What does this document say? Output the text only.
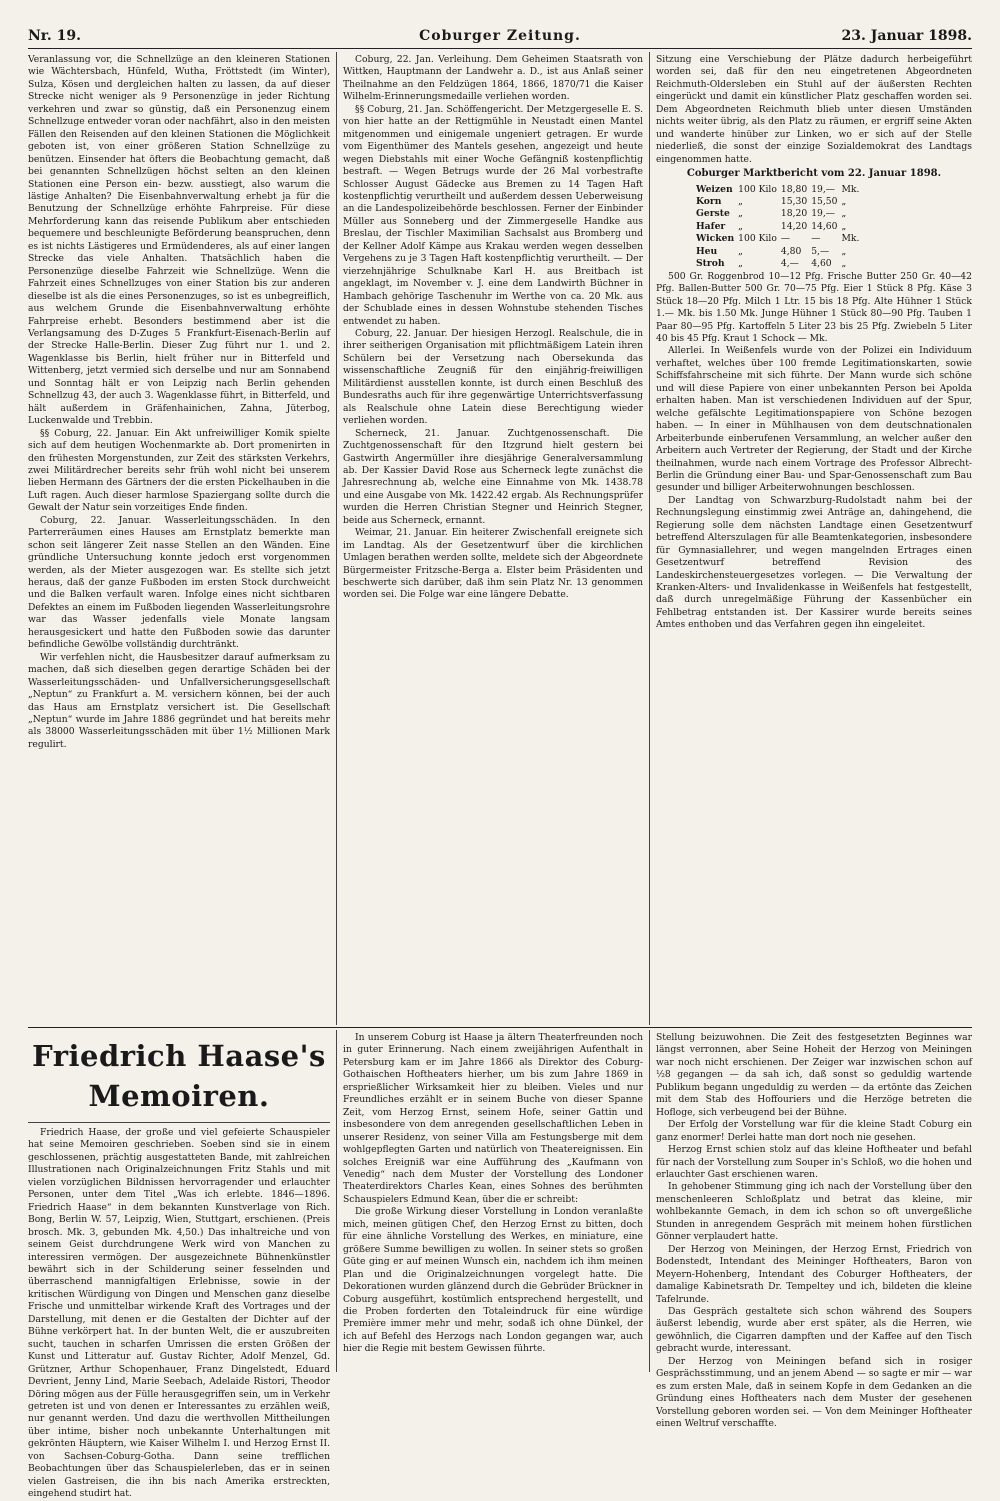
Nr. 19.	Coburger Zeitung.	23. Januar 1898.

Veranlassung vor, die Schnellzüge an den kleineren Stationen wie Wächtersbach, Hünfeld, Wutha, Fröttstedt (im Winter), Sulza, Kösen und dergleichen halten zu lassen, da auf dieser Strecke nicht weniger als 9 Personenzüge in jeder Richtung verkehren und zwar so günstig, daß ein Personenzug einem Schnellzuge entweder voran oder nachfährt, also in den meisten Fällen den Reisenden auf den kleinen Stationen die Möglichkeit geboten ist, von einer größeren Station Schnellzüge zu benützen. Einsender hat öfters die Beobachtung gemacht, daß bei genannten Schnellzügen höchst selten an den kleinen Stationen eine Person ein- bezw. ausstiegt, also warum die lästige Anhalten? Die Eisenbahnverwaltung erhebt ja für die Benutzung der Schnellzüge erhöhte Fahrpreise. Für diese Mehrforderung kann das reisende Publikum aber entschieden bequemere und beschleunigte Beförderung beanspruchen, denn es ist nichts Lästigeres und Ermüdenderes, als auf einer langen Strecke das viele Anhalten. Thatsächlich haben die Personenzüge dieselbe Fahrzeit wie Schnellzüge. Wenn die Fahrzeit eines Schnellzuges von einer Station bis zur anderen dieselbe ist als die eines Personenzuges, so ist es unbegreiflich, aus welchem Grunde die Eisenbahnverwaltung erhöhte Fahrpreise erhebt. Besonders bestimmend aber ist die Verlangsamung des D-Zuges 5 Frankfurt-Eisenach-Berlin auf der Strecke Halle-Berlin. Dieser Zug führt nur 1. und 2. Wagenklasse bis Berlin, hielt früher nur in Bitterfeld und Wittenberg, jetzt vermied sich derselbe und nur am Sonnabend und Sonntag hält er von Leipzig nach Berlin gehenden Schnellzug 43, der auch 3. Wagenklasse führt, in Bitterfeld, und hält außerdem in Gräfenhainichen, Zahna, Jüterbog, Luckenwalde und Trebbin.

§§ Coburg, 22. Januar. Ein Akt unfreiwilliger Komik spielte sich auf dem heutigen Wochenmarkte ab. Dort promenirten in den frühesten Morgenstunden, zur Zeit des stärksten Verkehrs, zwei Militärdrecher bereits sehr früh wohl nicht bei unserem lieben Hermann des Gärtners der die ersten Pickelhauben in die Luft ragen. Auch dieser harmlose Spaziergang sollte durch die Gewalt der Natur sein vorzeitiges Ende finden.

Coburg, 22. Januar. Wasserleitungsschäden. In den Parterreräumen eines Hauses am Ernstplatz bemerkte man schon seit längerer Zeit nasse Stellen an den Wänden. Eine gründliche Untersuchung konnte jedoch erst vorgenommen werden, als der Mieter ausgezogen war. Es stellte sich jetzt heraus, daß der ganze Fußboden im ersten Stock durchweicht und die Balken verfault waren. Infolge eines nicht sichtbaren Defektes an einem im Fußboden liegenden Wasserleitungsrohre war das Wasser jedenfalls viele Monate langsam herausgesickert und hatte den Fußboden sowie das darunter befindliche Gewölbe vollständig durchtränkt.

Wir verfehlen nicht, die Hausbesitzer darauf aufmerksam zu machen, daß sich dieselben gegen derartige Schäden bei der Wasserleitungsschäden- und Unfallversicherungsgesellschaft „Neptun“ zu Frankfurt a. M. versichern können, bei der auch das Haus am Ernstplatz versichert ist. Die Gesellschaft „Neptun“ wurde im Jahre 1886 gegründet und hat bereits mehr als 38000 Wasserleitungsschäden mit über 1½ Millionen Mark regulirt.

Coburg, 22. Jan. Verleihung. Dem Geheimen Staatsrath von Wittken, Hauptmann der Landwehr a. D., ist aus Anlaß seiner Theilnahme an den Feldzügen 1864, 1866, 1870/71 die Kaiser Wilhelm-Erinnerungsmedaille verliehen worden.

§§ Coburg, 21. Jan. Schöffengericht. Der Metzgergeselle E. S. von hier hatte an der Rettigmühle in Neustadt einen Mantel mitgenommen und einigemale ungeniert getragen. Er wurde vom Eigenthümer des Mantels gesehen, angezeigt und heute wegen Diebstahls mit einer Woche Gefängniß kostenpflichtig bestraft. — Wegen Betrugs wurde der 26 Mal vorbestrafte Schlosser August Gädecke aus Bremen zu 14 Tagen Haft kostenpflichtig verurtheilt und außerdem dessen Ueberweisung an die Landespolizeibehörde beschlossen. Ferner der Einbinder Müller aus Sonneberg und der Zimmergeselle Handke aus Breslau, der Tischler Maximilian Sachsalst aus Bromberg und der Kellner Adolf Kämpe aus Krakau werden wegen desselben Vergehens zu je 3 Tagen Haft kostenpflichtig verurtheilt. — Der vierzehnjährige Schulknabe Karl H. aus Breitbach ist angeklagt, im November v. J. eine dem Landwirth Büchner in Hambach gehörige Taschenuhr im Werthe von ca. 20 Mk. aus der Schublade eines in dessen Wohnstube stehenden Tisches entwendet zu haben.

Coburg, 22. Januar. Der hiesigen Herzogl. Realschule, die in ihrer seitherigen Organisation mit pflichtmäßigem Latein ihren Schülern bei der Versetzung nach Obersekunda das wissenschaftliche Zeugniß für den einjährig-freiwilligen Militärdienst ausstellen konnte, ist durch einen Beschluß des Bundesraths auch für ihre gegenwärtige Unterrichtsverfassung als Realschule ohne Latein diese Berechtigung wieder verliehen worden.

Scherneck, 21. Januar. Zuchtgenossenschaft. Die Zuchtgenossenschaft für den Itzgrund hielt gestern bei Gastwirth Angermüller ihre diesjährige Generalversammlung ab. Der Kassier David Rose aus Scherneck legte zunächst die Jahresrechnung ab, welche eine Einnahme von Mk. 1438.78 und eine Ausgabe von Mk. 1422.42 ergab. Als Rechnungsprüfer wurden die Herren Christian Stegner und Heinrich Stegner, beide aus Scherneck, ernannt.

Weimar, 21. Januar. Ein heiterer Zwischenfall ereignete sich im Landtag. Als der Gesetzentwurf über die kirchlichen Umlagen berathen werden sollte, meldete sich der Abgeordnete Bürgermeister Fritzsche-Berga a. Elster beim Präsidenten und beschwerte sich darüber, daß ihm sein Platz Nr. 13 genommen worden sei. Die Folge war eine längere Debatte.

Sitzung eine Verschiebung der Plätze dadurch herbeigeführt worden sei, daß für den neu eingetretenen Abgeordneten Reichmuth-Oldersleben ein Stuhl auf der äußersten Rechten eingerückt und damit ein künstlicher Platz geschaffen worden sei. Dem Abgeordneten Reichmuth blieb unter diesen Umständen nichts weiter übrig, als den Platz zu räumen, er ergriff seine Akten und wanderte hinüber zur Linken, wo er sich auf der Stelle niederließ, die sonst der einzige Sozialdemokrat des Landtags eingenommen hatte.

Coburger Marktbericht vom 22. Januar 1898.
Weizen	100 Kilo	18,80	19,—	Mk.
Korn	„	15,30	15,50	„
Gerste	„	18,20	19,—	„
Hafer	„	14,20	14,60	„
Wicken	100 Kilo	—	—	Mk.
Heu	„	4,80	5,—	„
Stroh	„	4,—	4,60	„

500 Gr. Roggenbrod 10—12 Pfg. Frische Butter 250 Gr. 40—42 Pfg. Ballen-Butter 500 Gr. 70—75 Pfg. Eier 1 Stück 8 Pfg. Käse 3 Stück 18—20 Pfg. Milch 1 Ltr. 15 bis 18 Pfg. Alte Hühner 1 Stück 1.— Mk. bis 1.50 Mk. Junge Hühner 1 Stück 80—90 Pfg. Tauben 1 Paar 80—95 Pfg. Kartoffeln 5 Liter 23 bis 25 Pfg. Zwiebeln 5 Liter 40 bis 45 Pfg. Kraut 1 Schock — Mk.

Allerlei. In Weißenfels wurde von der Polizei ein Individuum verhaftet, welches über 100 fremde Legitimationskarten, sowie Schiffsfahrscheine mit sich führte. Der Mann wurde sich schöne und will diese Papiere von einer unbekannten Person bei Apolda erhalten haben. Man ist verschiedenen Individuen auf der Spur, welche gefälschte Legitimationspapiere von Schöne bezogen haben. — In einer in Mühlhausen von dem deutschnationalen Arbeiterbunde einberufenen Versammlung, an welcher außer den Arbeitern auch Vertreter der Regierung, der Stadt und der Kirche theilnahmen, wurde nach einem Vortrage des Professor Albrecht-Berlin die Gründung einer Bau- und Spar-Genossenschaft zum Bau gesunder und billiger Arbeiterwohnungen beschlossen.

Der Landtag von Schwarzburg-Rudolstadt nahm bei der Rechnungslegung einstimmig zwei Anträge an, dahingehend, die Regierung solle dem nächsten Landtage einen Gesetzentwurf betreffend Alterszulagen für alle Beamtenkategorien, insbesondere für Gymnasiallehrer, und wegen mangelnden Ertrages einen Gesetzentwurf betreffend Revision des Landeskirchensteuergesetzes vorlegen. — Die Verwaltung der Kranken-Alters- und Invalidenkasse in Weißenfels hat festgestellt, daß durch unregelmäßige Führung der Kassenbücher ein Fehlbetrag entstanden ist. Der Kassirer wurde bereits seines Amtes enthoben und das Verfahren gegen ihn eingeleitet.

Friedrich Haase's Memoiren.

Friedrich Haase, der große und viel gefeierte Schauspieler hat seine Memoiren geschrieben. Soeben sind sie in einem geschlossenen, prächtig ausgestatteten Bande, mit zahlreichen Illustrationen nach Originalzeichnungen Fritz Stahls und mit vielen vorzüglichen Bildnissen hervorragender und erlauchter Personen, unter dem Titel „Was ich erlebte. 1846—1896. Friedrich Haase“ in dem bekannten Kunstverlage von Rich. Bong, Berlin W. 57, Leipzig, Wien, Stuttgart, erschienen. (Preis brosch. Mk. 3, gebunden Mk. 4,50.) Das inhaltreiche und von seinem Geist durchdrungene Werk wird von Manchen zu interessiren vermögen. Der ausgezeichnete Bühnenkünstler bewährt sich in der Schilderung seiner fesselnden und überraschend mannigfaltigen Erlebnisse, sowie in der kritischen Würdigung von Dingen und Menschen ganz dieselbe Frische und unmittelbar wirkende Kraft des Vortrages und der Darstellung, mit denen er die Gestalten der Dichter auf der Bühne verkörpert hat. In der bunten Welt, die er auszubreiten sucht, tauchen in scharfen Umrissen die ersten Größen der Kunst und Litteratur auf. Gustav Richter, Adolf Menzel, Gd. Grützner, Arthur Schopenhauer, Franz Dingelstedt, Eduard Devrient, Jenny Lind, Marie Seebach, Adelaide Ristori, Theodor Döring mögen aus der Fülle herausgegriffen sein, um in Verkehr getreten ist und von denen er Interessantes zu erzählen weiß, nur genannt werden. Und dazu die werthvollen Mittheilungen über intime, bisher noch unbekannte Unterhaltungen mit gekrönten Häuptern, wie Kaiser Wilhelm I. und Herzog Ernst II. von Sachsen-Coburg-Gotha. Dann seine trefflichen Beobachtungen über das Schauspielerleben, das er in seinen vielen Gastreisen, die ihn bis nach Amerika erstreckten, eingehend studirt hat.

In unserem Coburg ist Haase ja ältern Theaterfreunden noch in guter Erinnerung. Nach einem zweijährigen Aufenthalt in Petersburg kam er im Jahre 1866 als Direktor des Coburg-Gothaischen Hoftheaters hierher, um bis zum Jahre 1869 in ersprießlicher Wirksamkeit hier zu bleiben. Vieles und nur Freundliches erzählt er in seinem Buche von dieser Spanne Zeit, vom Herzog Ernst, seinem Hofe, seiner Gattin und insbesondere von dem anregenden gesellschaftlichen Leben in unserer Residenz, von seiner Villa am Festungsberge mit dem wohlgepflegten Garten und natürlich von Theatereignissen. Ein solches Ereigniß war eine Aufführung des „Kaufmann von Venedig“ nach dem Muster der Vorstellung des Londoner Theaterdirektors Charles Kean, eines Sohnes des berühmten Schauspielers Edmund Kean, über die er schreibt:

Die große Wirkung dieser Vorstellung in London veranlaßte mich, meinen gütigen Chef, den Herzog Ernst zu bitten, doch für eine ähnliche Vorstellung des Werkes, en miniature, eine größere Summe bewilligen zu wollen. In seiner stets so großen Güte ging er auf meinen Wunsch ein, nachdem ich ihm meinen Plan und die Originalzeichnungen vorgelegt hatte. Die Dekorationen wurden glänzend durch die Gebrüder Brückner in Coburg ausgeführt, kostümlich entsprechend hergestellt, und die Proben forderten den Totaleindruck für eine würdige Première immer mehr und mehr, sodaß ich ohne Dünkel, der ich auf Befehl des Herzogs nach London gegangen war, auch hier die Regie mit bestem Gewissen führte.

Stellung beizuwohnen. Die Zeit des festgesetzten Beginnes war längst verronnen, aber Seine Hoheit der Herzog von Meiningen war noch nicht erschienen. Der Zeiger war inzwischen schon auf ½8 gegangen — da sah ich, daß sonst so geduldig wartende Publikum begann ungeduldig zu werden — da ertönte das Zeichen mit dem Stab des Hoffouriers und die Herzöge betreten die Hofloge, sich verbeugend bei der Bühne.

Der Erfolg der Vorstellung war für die kleine Stadt Coburg ein ganz enormer! Derlei hatte man dort noch nie gesehen.

Herzog Ernst schien stolz auf das kleine Hoftheater und befahl für nach der Vorstellung zum Souper in's Schloß, wo die hohen und erlauchter Gast erschienen waren.

In gehobener Stimmung ging ich nach der Vorstellung über den menschenleeren Schloßplatz und betrat das kleine, mir wohlbekannte Gemach, in dem ich schon so oft unvergeßliche Stunden in anregendem Gespräch mit meinem hohen fürstlichen Gönner verplaudert hatte.

Der Herzog von Meiningen, der Herzog Ernst, Friedrich von Bodenstedt, Intendant des Meininger Hoftheaters, Baron von Meyern-Hohenberg, Intendant des Coburger Hoftheaters, der damalige Kabinetsrath Dr. Tempeltey und ich, bildeten die kleine Tafelrunde.

Das Gespräch gestaltete sich schon während des Soupers äußerst lebendig, wurde aber erst später, als die Herren, wie gewöhnlich, die Cigarren dampften und der Kaffee auf den Tisch gebracht wurde, interessant.

Der Herzog von Meiningen befand sich in rosiger Gesprächsstimmung, und an jenem Abend — so sagte er mir — war es zum ersten Male, daß in seinem Kopfe in dem Gedanken an die Gründung eines Hoftheaters nach dem Muster der gesehenen Vorstellung geboren worden sei. — Von dem Meininger Hoftheater einen Weltruf verschaffte.
